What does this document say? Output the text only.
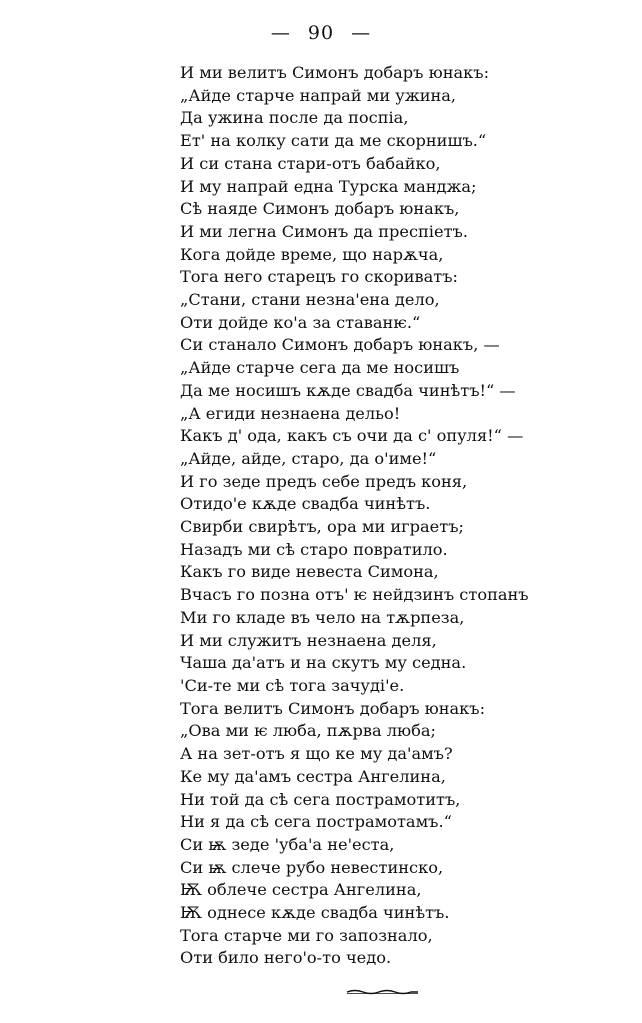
— 90 —
И ми велитъ Симонъ добаръ юнакъ:
„Айде старче напрай ми ужина,
Да ужина после да поспіа,
Ет' на колку сати да ме скорнишъ.“
И си стана стари-отъ бабайко,
И му напрай една Турска манджа;
Сѣ наяде Симонъ добаръ юнакъ,
И ми легна Симонъ да преспіетъ.
Кога дойде време, що нарѫча,
Тога него старецъ го скориватъ:
„Стани, стани незна'ена дело,
Оти дойде ко'а за ставанѥ.“
Си станало Симонъ добаръ юнакъ, —
„Айде старче сега да ме носишъ
Да ме носишъ кѫде свадба чинѣтъ!“ —
„А егиди незнаена дельо!
Какъ д' ода, какъ съ очи да с' опуля!“ —
„Айде, айде, старо, да о'име!“
И го зеде предъ себе предъ коня,
Отидо'е кѫде свадба чинѣтъ.
Свирби свирѣтъ, ора ми играетъ;
Назадъ ми сѣ старо повратило.
Какъ го виде невеста Симона,
Вчасъ го позна отъ' ѥ нейдзинъ стопанъ
Ми го кладе въ чело на тѫрпеза,
И ми служитъ незнаена деля,
Чаша да'атъ и на скутъ му седна.
'Си-те ми сѣ тога зачуді'е.
Тога велитъ Симонъ добаръ юнакъ:
„Ова ми ѥ люба, пѫрва люба;
А на зет-отъ я що ке му да'амъ?
Ке му да'амъ сестра Ангелина,
Ни той да сѣ сега пострамотитъ,
Ни я да сѣ сега пострамотамъ.“
Си ѭ зеде 'уба'а не'еста,
Си ѭ слече рубо невестинско,
Ѭ облече сестра Ангелина,
Ѭ однесе кѫде свадба чинѣтъ.
Тога старче ми го запознало,
Оти било него'о-то чедо.
